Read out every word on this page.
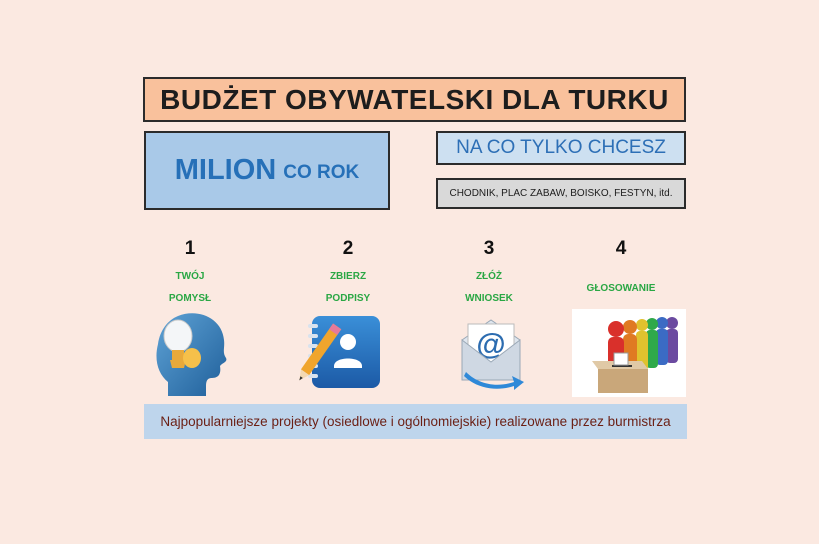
BUDŻET OBYWATELSKI DLA TURKU
MILION CO ROK
NA CO TYLKO CHCESZ
CHODNIK, PLAC ZABAW, BOISKO, FESTYN, itd.
1
TWÓJ
POMYSŁ
2
ZBIERZ
PODPISY
3
ZŁÓŻ
WNIOSEK
@
4
GŁOSOWANIE
Najpopularniejsze projekty (osiedlowe i ogólnomiejskie) realizowane przez burmistrza
